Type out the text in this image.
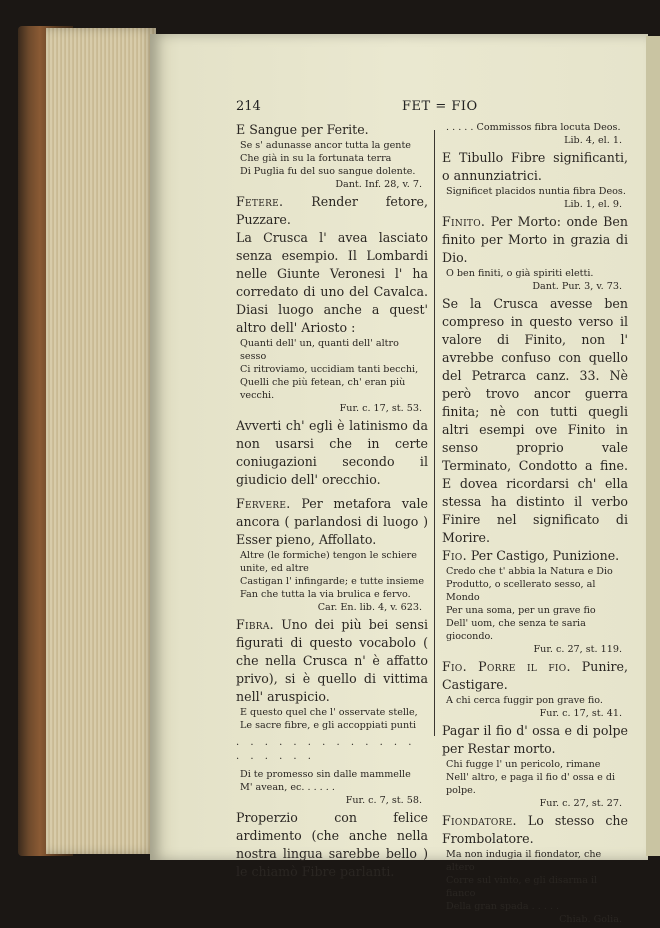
214	FET = FIO

E Sangue per Ferite.

Se s' adunasse ancor tutta la gente

Che già in su la fortunata terra

Di Puglia fu del suo sangue dolente.

Dant. Inf. 28, v. 7.

Fetere. Render fetore, Puzzare.

La Crusca l' avea lasciato senza esempio. Il Lombardi nelle Giunte Veronesi l' ha corredato di uno del Cavalca. Diasi luogo anche a quest' altro dell' Ariosto :

Quanti dell' un, quanti dell' altro sesso

Ci ritroviamo, uccidiam tanti becchi,

Quelli che più fetean, ch' eran più vecchi.

Fur. c. 17, st. 53.

Avverti ch' egli è latinismo da non usarsi che in certe coniugazioni secondo il giudicio dell' orecchio.

Fervere. Per metafora vale ancora ( parlandosi di luogo ) Esser pieno, Affollato.

Altre (le formiche) tengon le schiere unite, ed altre

Castigan l' infingarde; e tutte insieme

Fan che tutta la via brulica e fervo.

Car. En. lib. 4, v. 623.

Fibra. Uno dei più bei sensi figurati di questo vocabolo ( che nella Crusca n' è affatto privo), si è quello di vittima nell' aruspicio.

E questo quel che l' osservate stelle,

Le sacre fibre, e gli accoppiati punti

. . . . . . . . . . . . . . . . . . .

Di te promesso sin dalle mammelle

M' avean, ec. . . . . .

Fur. c. 7, st. 58.

Properzio con felice ardimento (che anche nella nostra lingua sarebbe bello ) le chiamò Fibre parlanti.

. . . . . Commissos fibra locuta Deos.

Lib. 4, el. 1.

E Tibullo Fibre significanti, o annunziatrici.

Significet placidos nuntia fibra Deos.

Lib. 1, el. 9.

Finito. Per Morto: onde Ben finito per Morto in grazia di Dio.

O ben finiti, o già spiriti eletti.

Dant. Pur. 3, v. 73.

Se la Crusca avesse ben compreso in questo verso il valore di Finito, non l' avrebbe confuso con quello del Petrarca canz. 33. Nè però trovo ancor guerra finita; nè con tutti quegli altri esempi ove Finito in senso proprio vale Terminato, Condotto a fine. E dovea ricordarsi ch' ella stessa ha distinto il verbo Finire nel significato di Morire.

Fio. Per Castigo, Punizione.

Credo che t' abbia la Natura e Dio

Produtto, o scellerato sesso, al Mondo

Per una soma, per un grave fio

Dell' uom, che senza te saria giocondo.

Fur. c. 27, st. 119.

Fio. Porre il fio. Punire, Castigare.

A chi cerca fuggir pon grave fio.

Fur. c. 17, st. 41.

Pagar il fio d' ossa e di polpe per Restar morto.

Chi fugge l' un pericolo, rimane

Nell' altro, e paga il fio d' ossa e di polpe.

Fur. c. 27, st. 27.

Fiondatore. Lo stesso che Frombolatore.

Ma non indugia il fiondator, che altero

Corre sul vinto, e gli disarma il fianco

Della gran spada . . . . .

Chiab. Goliа.
